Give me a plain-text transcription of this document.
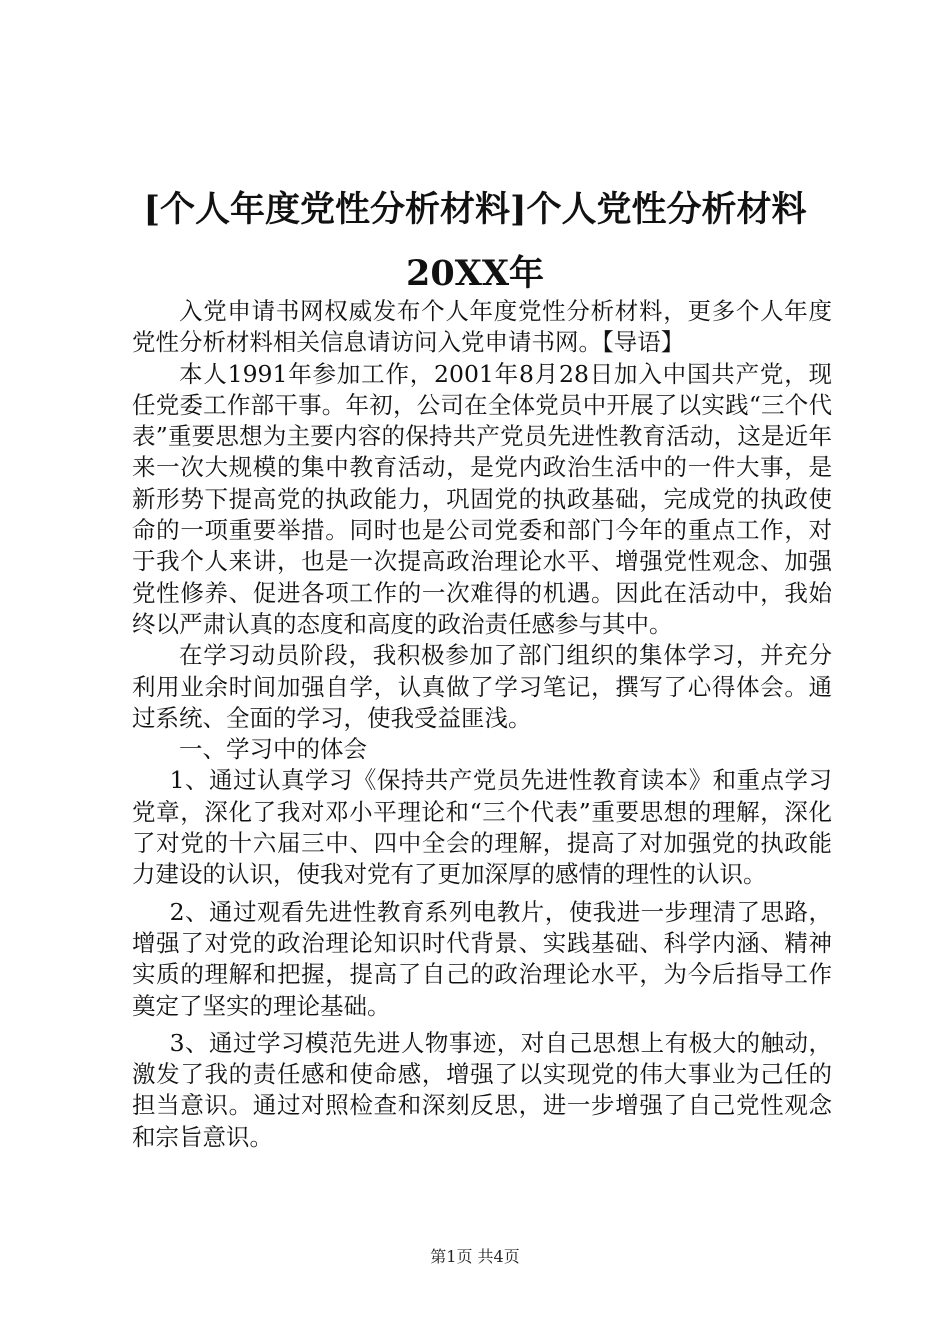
[个人年度党性分析材料]个人党性分析材料

20XX年

入党申请书网权威发布个人年度党性分析材料，更多个人年度党性分析材料相关信息请访问入党申请书网。【导语】

本人1991年参加工作，2001年8月28日加入中国共产党，现任党委工作部干事。年初，公司在全体党员中开展了以实践“三个代表”重要思想为主要内容的保持共产党员先进性教育活动，这是近年来一次大规模的集中教育活动，是党内政治生活中的一件大事，是新形势下提高党的执政能力，巩固党的执政基础，完成党的执政使命的一项重要举措。同时也是公司党委和部门今年的重点工作，对于我个人来讲，也是一次提高政治理论水平、增强党性观念、加强党性修养、促进各项工作的一次难得的机遇。因此在活动中，我始终以严肃认真的态度和高度的政治责任感参与其中。

在学习动员阶段，我积极参加了部门组织的集体学习，并充分利用业余时间加强自学，认真做了学习笔记，撰写了心得体会。通过系统、全面的学习，使我受益匪浅。

一、学习中的体会

1、通过认真学习《保持共产党员先进性教育读本》和重点学习党章，深化了我对邓小平理论和“三个代表”重要思想的理解，深化了对党的十六届三中、四中全会的理解，提高了对加强党的执政能力建设的认识，使我对党有了更加深厚的感情的理性的认识。

2、通过观看先进性教育系列电教片，使我进一步理清了思路，增强了对党的政治理论知识时代背景、实践基础、科学内涵、精神实质的理解和把握，提高了自己的政治理论水平，为今后指导工作奠定了坚实的理论基础。

3、通过学习模范先进人物事迹，对自己思想上有极大的触动，激发了我的责任感和使命感，增强了以实现党的伟大事业为己任的担当意识。通过对照检查和深刻反思，进一步增强了自己党性观念和宗旨意识。

第1页 共4页
